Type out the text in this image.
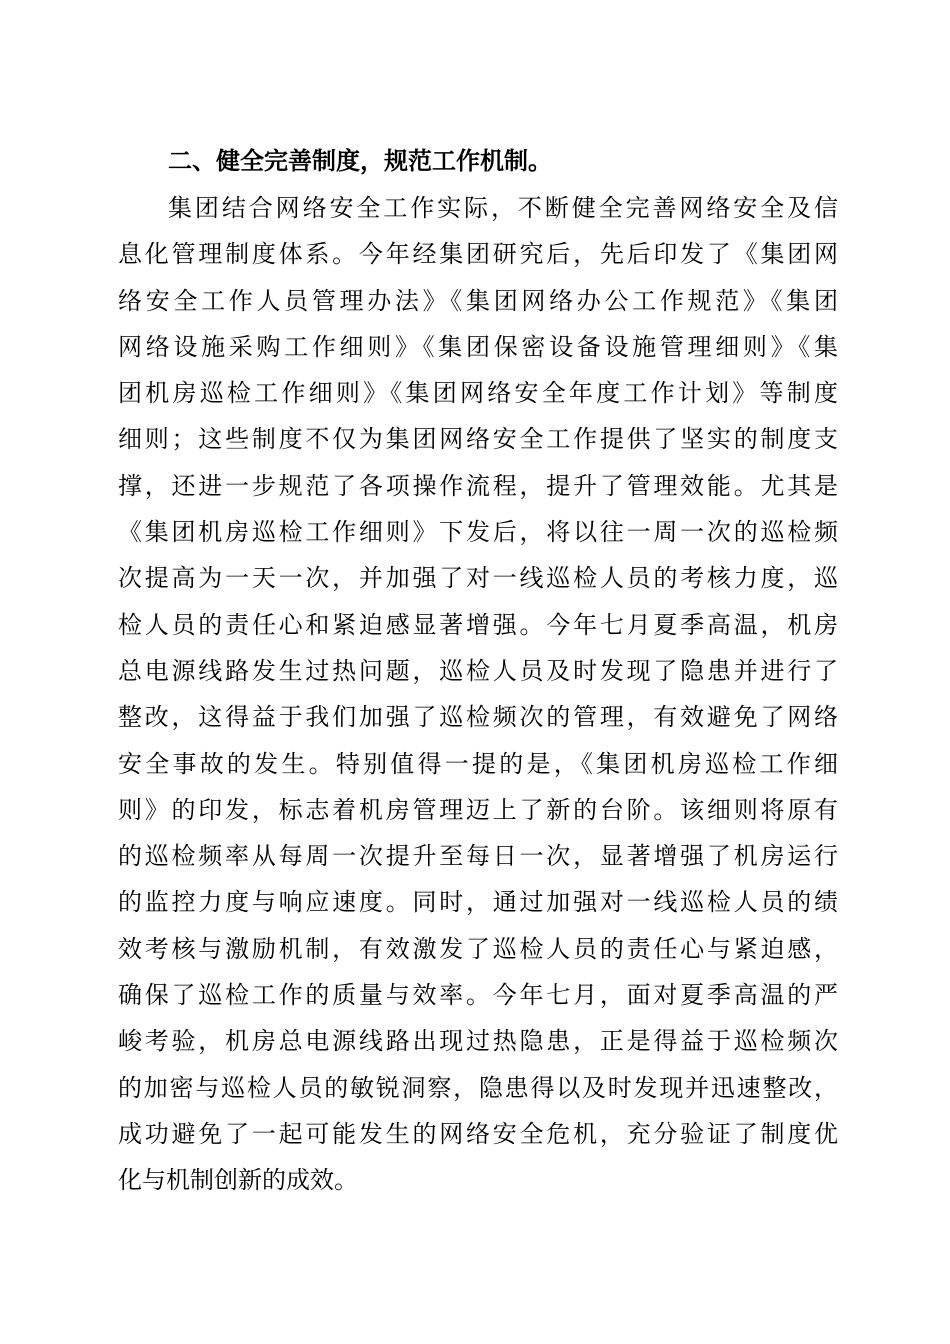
二、健全完善制度，规范工作机制。
集团结合网络安全工作实际，不断健全完善网络安全及信
息化管理制度体系。今年经集团研究后，先后印发了《集团网
络安全工作人员管理办法》《集团网络办公工作规范》《集团
网络设施采购工作细则》《集团保密设备设施管理细则》《集
团机房巡检工作细则》《集团网络安全年度工作计划》等制度
细则；这些制度不仅为集团网络安全工作提供了坚实的制度支
撑，还进一步规范了各项操作流程，提升了管理效能。尤其是
《集团机房巡检工作细则》下发后，将以往一周一次的巡检频
次提高为一天一次，并加强了对一线巡检人员的考核力度，巡
检人员的责任心和紧迫感显著增强。今年七月夏季高温，机房
总电源线路发生过热问题，巡检人员及时发现了隐患并进行了
整改，这得益于我们加强了巡检频次的管理，有效避免了网络
安全事故的发生。特别值得一提的是，《集团机房巡检工作细
则》的印发，标志着机房管理迈上了新的台阶。该细则将原有
的巡检频率从每周一次提升至每日一次，显著增强了机房运行
的监控力度与响应速度。同时，通过加强对一线巡检人员的绩
效考核与激励机制，有效激发了巡检人员的责任心与紧迫感，
确保了巡检工作的质量与效率。今年七月，面对夏季高温的严
峻考验，机房总电源线路出现过热隐患，正是得益于巡检频次
的加密与巡检人员的敏锐洞察，隐患得以及时发现并迅速整改，
成功避免了一起可能发生的网络安全危机，充分验证了制度优
化与机制创新的成效。
